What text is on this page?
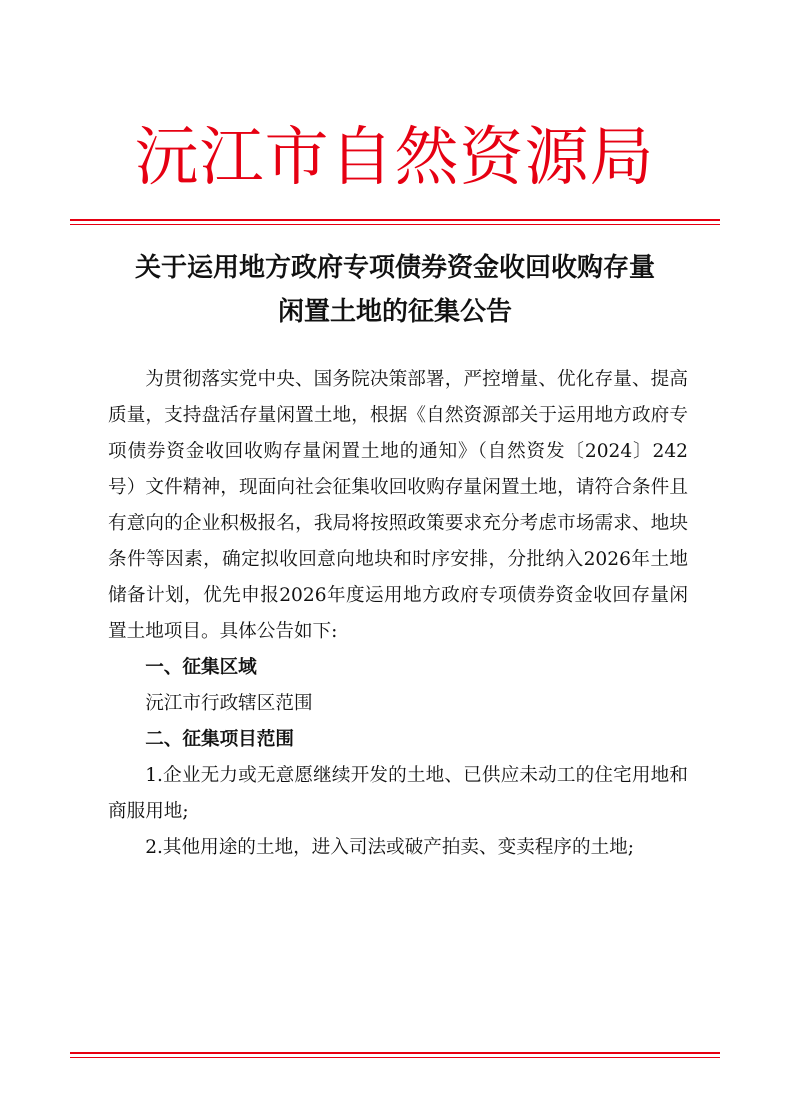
沅江市自然资源局
关于运用地方政府专项债券资金收回收购存量
闲置土地的征集公告

为贯彻落实党中央、国务院决策部署，严控增量、优化存量、提高质量，支持盘活存量闲置土地，根据《自然资源部关于运用地方政府专项债券资金收回收购存量闲置土地的通知》（自然资发〔2024〕242号）文件精神，现面向社会征集收回收购存量闲置土地，请符合条件且有意向的企业积极报名，我局将按照政策要求充分考虑市场需求、地块条件等因素，确定拟收回意向地块和时序安排，分批纳入2026年土地储备计划，优先申报2026年度运用地方政府专项债券资金收回存量闲置土地项目。具体公告如下:

一、征集区域

沅江市行政辖区范围

二、征集项目范围

1.企业无力或无意愿继续开发的土地、已供应未动工的住宅用地和商服用地;

2.其他用途的土地，进入司法或破产拍卖、变卖程序的土地;
